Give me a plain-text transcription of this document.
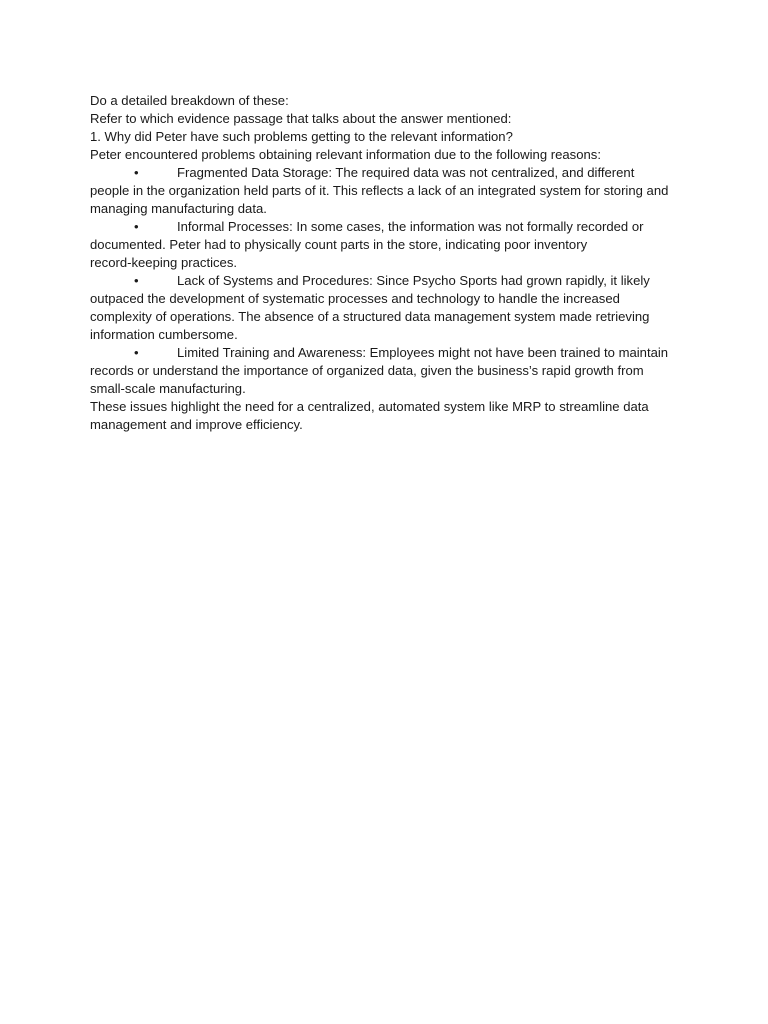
Do a detailed breakdown of these:
Refer to which evidence passage that talks about the answer mentioned:
1. Why did Peter have such problems getting to the relevant information?
Peter encountered problems obtaining relevant information due to the following reasons:
•	Fragmented Data Storage: The required data was not centralized, and different
people in the organization held parts of it. This reflects a lack of an integrated system for storing and
managing manufacturing data.
•	Informal Processes: In some cases, the information was not formally recorded or
documented. Peter had to physically count parts in the store, indicating poor inventory
record-keeping practices.
•	Lack of Systems and Procedures: Since Psycho Sports had grown rapidly, it likely
outpaced the development of systematic processes and technology to handle the increased
complexity of operations. The absence of a structured data management system made retrieving
information cumbersome.
•	Limited Training and Awareness: Employees might not have been trained to maintain
records or understand the importance of organized data, given the business’s rapid growth from
small-scale manufacturing.
These issues highlight the need for a centralized, automated system like MRP to streamline data
management and improve efficiency.
